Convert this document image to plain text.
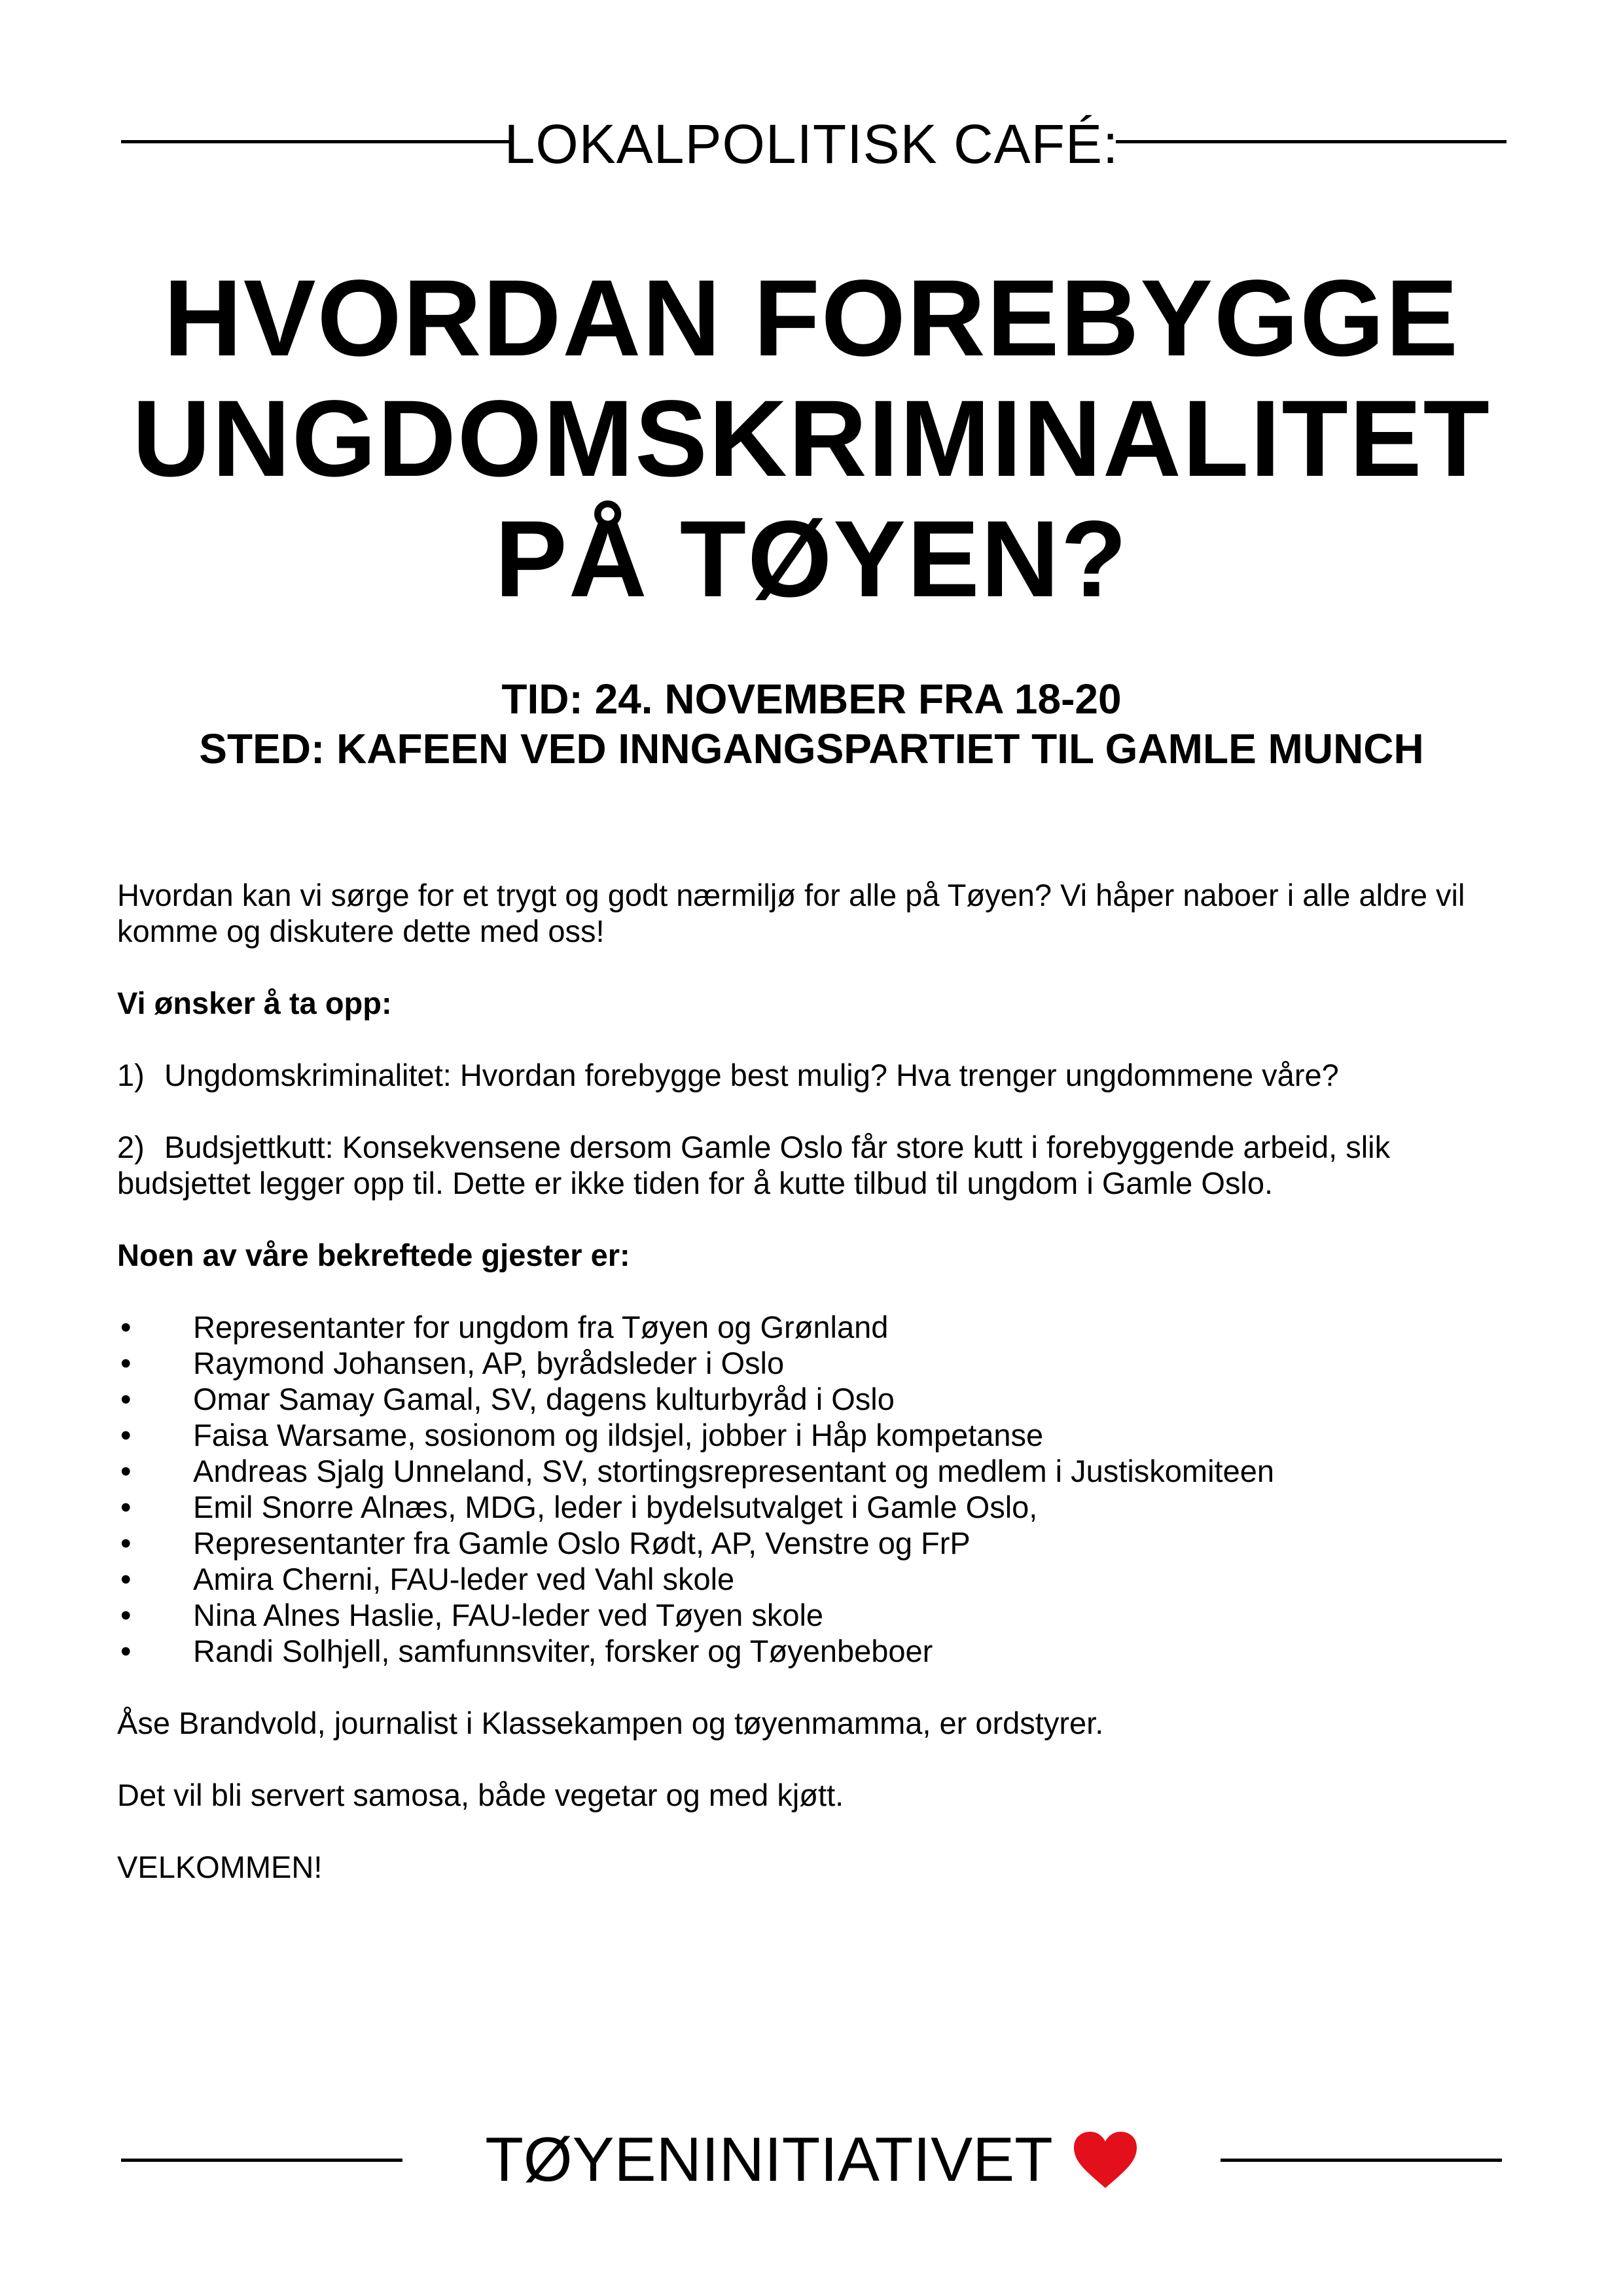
LOKALPOLITISK CAFÉ:
HVORDAN FOREBYGGE
UNGDOMSKRIMINALITET
PÅ TØYEN?
TID: 24. NOVEMBER FRA 18-20
STED: KAFEEN VED INNGANGSPARTIET TIL GAMLE MUNCH

Hvordan kan vi sørge for et trygt og godt nærmiljø for alle på Tøyen? Vi håper naboer i alle aldre vil komme og diskutere dette med oss!

Vi ønsker å ta opp:

1) Ungdomskriminalitet: Hvordan forebygge best mulig? Hva trenger ungdommene våre?

2) Budsjettkutt: Konsekvensene dersom Gamle Oslo får store kutt i forebyggende arbeid, slik budsjettet legger opp til. Dette er ikke tiden for å kutte tilbud til ungdom i Gamle Oslo.

Noen av våre bekreftede gjester er:

• Representanter for ungdom fra Tøyen og Grønland
• Raymond Johansen, AP, byrådsleder i Oslo
• Omar Samay Gamal, SV, dagens kulturbyråd i Oslo
• Faisa Warsame, sosionom og ildsjel, jobber i Håp kompetanse
• Andreas Sjalg Unneland, SV, stortingsrepresentant og medlem i Justiskomiteen
• Emil Snorre Alnæs, MDG, leder i bydelsutvalget i Gamle Oslo,
• Representanter fra Gamle Oslo Rødt, AP, Venstre og FrP
• Amira Cherni, FAU-leder ved Vahl skole
• Nina Alnes Haslie, FAU-leder ved Tøyen skole
• Randi Solhjell, samfunnsviter, forsker og Tøyenbeboer

Åse Brandvold, journalist i Klassekampen og tøyenmamma, er ordstyrer.

Det vil bli servert samosa, både vegetar og med kjøtt.

VELKOMMEN!

TØYENINITIATIVET
